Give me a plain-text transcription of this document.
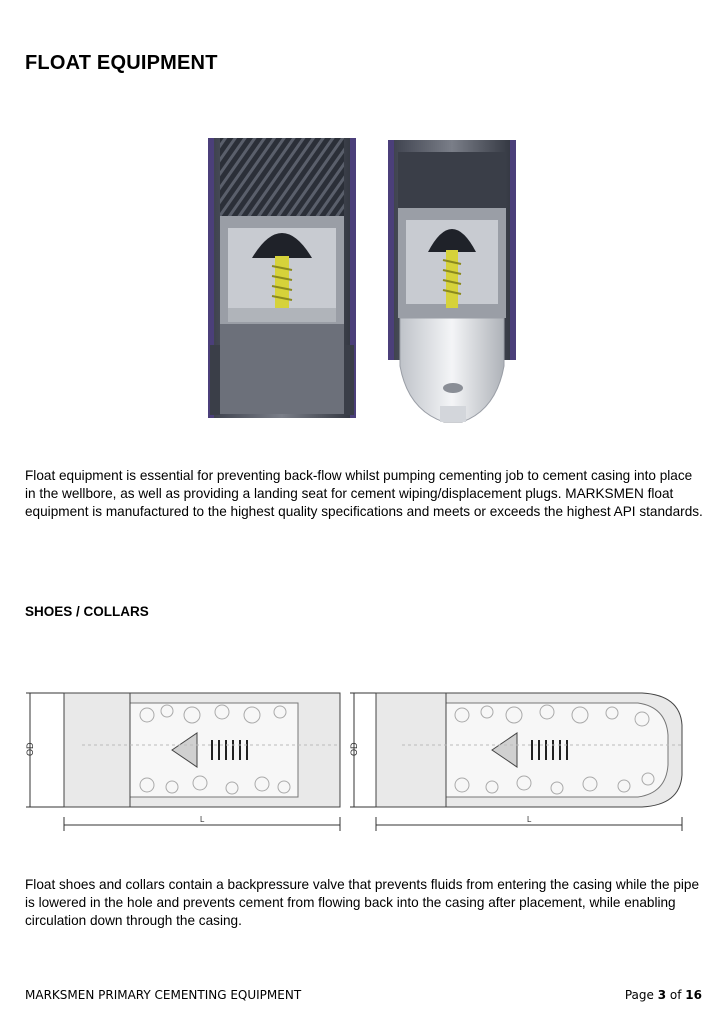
FLOAT EQUIPMENT
Float equipment is essential for preventing back-flow whilst pumping cementing job to cement casing into place in the wellbore, as well as providing a landing seat for cement wiping/displacement plugs. MARKSMEN float equipment is manufactured to the highest quality specifications and meets or exceeds the highest API standards.
SHOES / COLLARS
OD
L
OD
L
Float shoes and collars contain a backpressure valve that prevents fluids from entering the casing while the pipe is lowered in the hole and prevents cement from flowing back into the casing after placement, while enabling circulation down through the casing.
MARKSMEN PRIMARY CEMENTING EQUIPMENT	Page 3 of 16
